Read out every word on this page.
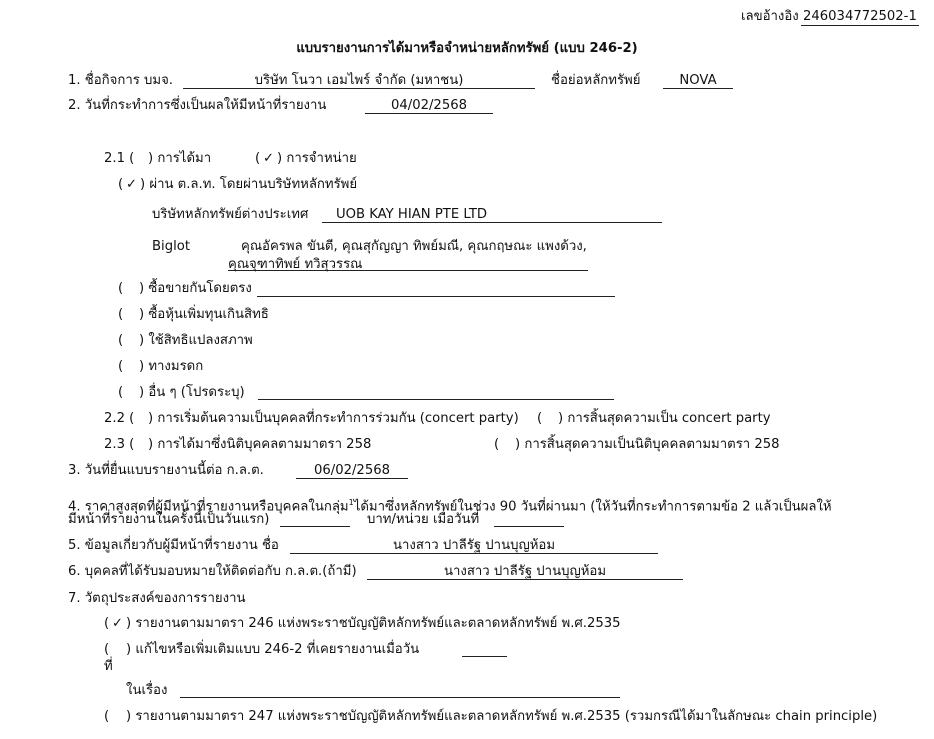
เลขอ้างอิง 246034772502-1
แบบรายงานการได้มาหรือจำหน่ายหลักทรัพย์ (แบบ 246-2)
1. ชื่อกิจการ บมจ.	บริษัท โนวา เอมไพร์ จำกัด (มหาชน)	ชื่อย่อหลักทรัพย์	NOVA
2. วันที่กระทำการซึ่งเป็นผลให้มีหน้าที่รายงาน	04/02/2568
2.1 ( ) การได้มา	( ✓ ) การจำหน่าย
( ✓ ) ผ่าน ต.ล.ท. โดยผ่านบริษัทหลักทรัพย์
บริษัทหลักทรัพย์ต่างประเทศ UOB KAY HIAN PTE LTD
Biglot	คุณอัครพล ขันตี, คุณสุกัญญา ทิพย์มณี, คุณกฤษณะ แพงด้วง,
คุณจุฑาทิพย์ ทวิสุวรรณ
( ) ซื้อขายกันโดยตรง
( ) ซื้อหุ้นเพิ่มทุนเกินสิทธิ
( ) ใช้สิทธิแปลงสภาพ
( ) ทางมรดก
( ) อื่น ๆ (โปรดระบุ)
2.2 ( ) การเริ่มต้นความเป็นบุคคลที่กระทำการร่วมกัน (concert party) ( ) การสิ้นสุดความเป็น concert party
2.3 ( ) การได้มาซึ่งนิติบุคคลตามมาตรา 258	( ) การสิ้นสุดความเป็นนิติบุคคลตามมาตรา 258
3. วันที่ยื่นแบบรายงานนี้ต่อ ก.ล.ต.	06/02/2568
4. ราคาสูงสุดที่ผู้มีหน้าที่รายงานหรือบุคคลในกลุ่ม$^1$ได้มาซึ่งหลักทรัพย์ในช่วง 90 วันที่ผ่านมา (ให้วันที่กระทำการตามข้อ 2 แล้วเป็นผลให้
มีหน้าที่รายงานในครั้งนี้เป็นวันแรก)	บาท/หน่วย เมื่อวันที่
5. ข้อมูลเกี่ยวกับผู้มีหน้าที่รายงาน ชื่อ	นางสาว ปาลีรัฐ ปานบุญห้อม
6. บุคคลที่ได้รับมอบหมายให้ติดต่อกับ ก.ล.ต.(ถ้ามี)	นางสาว ปาลีรัฐ ปานบุญห้อม
7. วัตถุประสงค์ของการรายงาน
( ✓ ) รายงานตามมาตรา 246 แห่งพระราชบัญญัติหลักทรัพย์และตลาดหลักทรัพย์ พ.ศ.2535
( ) แก้ไขหรือเพิ่มเติมแบบ 246-2 ที่เคยรายงานเมื่อวัน
ที่
ในเรื่อง
( ) รายงานตามมาตรา 247 แห่งพระราชบัญญัติหลักทรัพย์และตลาดหลักทรัพย์ พ.ศ.2535 (รวมกรณีได้มาในลักษณะ chain principle)
